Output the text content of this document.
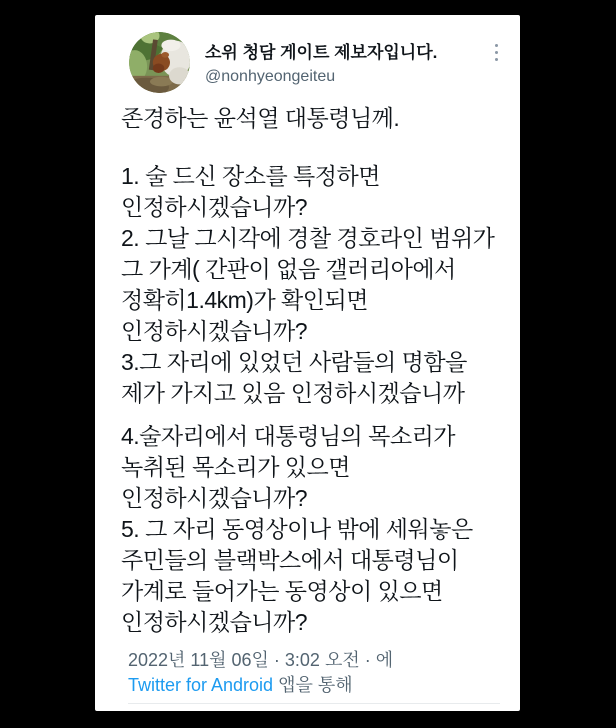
소위 청담 게이트 제보자입니다.
@nonhyeongeiteu
존경하는 윤석열 대통령님께.
1. 술 드신 장소를 특정하면
인정하시겠습니까?
2. 그날 그시각에 경찰 경호라인 범위가
그 가계( 간판이 없음 갤러리아에서
정확히1.4km)가 확인되면
인정하시겠습니까?
3.그 자리에 있었던 사람들의 명함을
제가 가지고 있음 인정하시겠습니까
4.술자리에서 대통령님의 목소리가
녹취된 목소리가 있으면
인정하시겠습니까?
5. 그 자리 동영상이나 밖에 세워놓은
주민들의 블랙박스에서 대통령님이
가계로 들어가는 동영상이 있으면
인정하시겠습니까?
2022년 11월 06일 · 3:02 오전 · 에
Twitter for Android 앱을 통해
